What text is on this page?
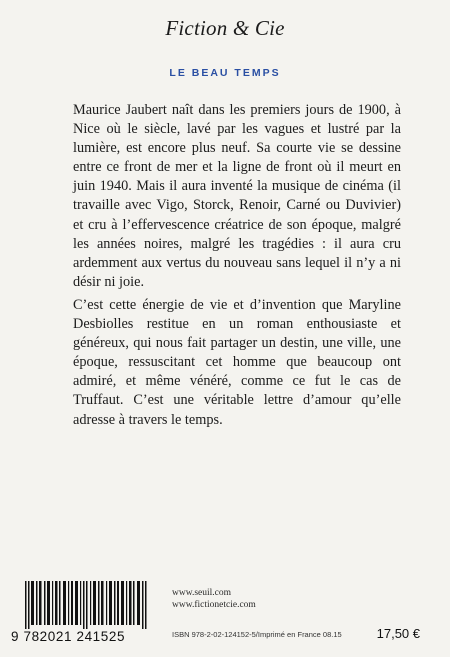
Fiction & Cie
LE BEAU TEMPS

Maurice Jaubert naît dans les premiers jours de 1900, à Nice où le siècle, lavé par les vagues et lustré par la lumière, est encore plus neuf. Sa courte vie se dessine entre ce front de mer et la ligne de front où il meurt en juin 1940. Mais il aura inventé la musique de cinéma (il travaille avec Vigo, Storck, Renoir, Carné ou Duvivier) et cru à l’effervescence créatrice de son époque, malgré les années noires, malgré les tragédies : il aura cru ardemment aux vertus du nouveau sans lequel il n’y a ni désir ni joie.

C’est cette énergie de vie et d’invention que Maryline Desbiolles restitue en un roman enthousiaste et généreux, qui nous fait partager un destin, une ville, une époque, ressuscitant cet homme que beaucoup ont admiré, et même vénéré, comme ce fut le cas de Truffaut. C’est une véritable lettre d’amour qu’elle adresse à travers le temps.

9 782021 241525
www.seuil.com
www.fictionetcie.com
ISBN 978-2-02-124152-5/Imprimé en France 08.15	17,50 €
